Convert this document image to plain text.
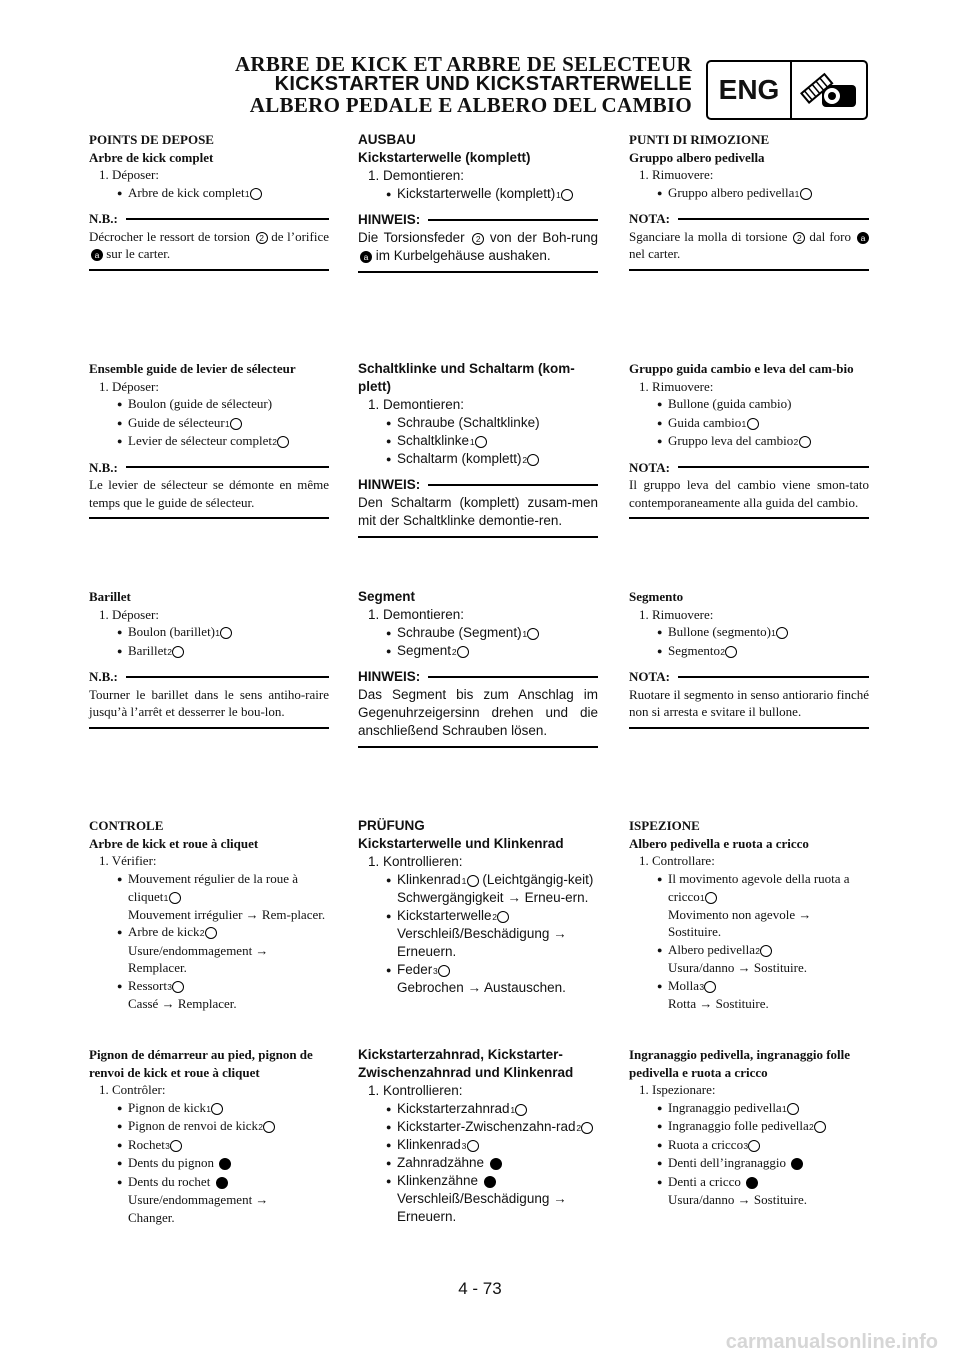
ARBRE DE KICK ET ARBRE DE SELECTEUR
KICKSTARTER UND KICKSTARTERWELLE
ALBERO PEDALE E ALBERO DEL CAMBIO ENG
POINTS DE DEPOSE
Arbre de kick complet
1. Déposer:
● Arbre de kick complet 1
N.B.:
Décrocher le ressort de torsion 2 de l’orifice a sur le carter.
Ensemble guide de levier de sélecteur
1. Déposer:
● Boulon (guide de sélecteur)
● Guide de sélecteur 1
● Levier de sélecteur complet 2
N.B.:
Le levier de sélecteur se démonte en même temps que le guide de sélecteur.
Barillet
1. Déposer:
● Boulon (barillet) 1
● Barillet 2
N.B.:
Tourner le barillet dans le sens antiho-raire jusqu’à l’arrêt et desserrer le bou-lon.
CONTROLE
Arbre de kick et roue à cliquet
1. Vérifier:
● Mouvement régulier de la roue à cliquet 1
Mouvement irrégulier → Rem-placer.
● Arbre de kick 2
Usure/endommagement →
Remplacer.
● Ressort 3
Cassé → Remplacer.
Pignon de démarreur au pied, pignon de renvoi de kick et roue à cliquet
1. Contrôler:
● Pignon de kick 1
● Pignon de renvoi de kick 2
● Rochet 3
● Dents du pignon a
● Dents du rochet b
Usure/endommagement →
Changer.
AUSBAU
Kickstarterwelle (komplett)
1. Demontieren:
● Kickstarterwelle (komplett) 1
HINWEIS:
Die Torsionsfeder 2 von der Boh-rung a im Kurbelgehäuse aushaken.
Schaltklinke und Schaltarm (kom-plett)
1. Demontieren:
● Schraube (Schaltklinke)
● Schaltklinke 1
● Schaltarm (komplett) 2
HINWEIS:
Den Schaltarm (komplett) zusam-men mit der Schaltklinke demontie-ren.
Segment
1. Demontieren:
● Schraube (Segment) 1
● Segment 2
HINWEIS:
Das Segment bis zum Anschlag im Gegenuhrzeigersinn drehen und die anschließend Schrauben lösen.
PRÜFUNG
Kickstarterwelle und Klinkenrad
1. Kontrollieren:
● Klinkenrad 1 (Leichtgängig-keit)
Schwergängigkeit → Erneu-ern.
● Kickstarterwelle 2
Verschleiß/Beschädigung →
Erneuern.
● Feder 3
Gebrochen → Austauschen.
Kickstarterzahnrad, Kickstarter-Zwischenzahnrad und Klinkenrad
1. Kontrollieren:
● Kickstarterzahnrad 1
● Kickstarter-Zwischenzahn-rad 2
● Klinkenrad 3
● Zahnradzähne a
● Klinkenzähne b
Verschleiß/Beschädigung →
Erneuern.
PUNTI DI RIMOZIONE
Gruppo albero pedivella
1. Rimuovere:
● Gruppo albero pedivella 1
NOTA:
Sganciare la molla di torsione 2 dal foro a nel carter.
Gruppo guida cambio e leva del cam-bio
1. Rimuovere:
● Bullone (guida cambio)
● Guida cambio 1
● Gruppo leva del cambio 2
NOTA:
Il gruppo leva del cambio viene smon-tato contemporaneamente alla guida del cambio.
Segmento
1. Rimuovere:
● Bullone (segmento) 1
● Segmento 2
NOTA:
Ruotare il segmento in senso antiorario finché non si arresta e svitare il bullone.
ISPEZIONE
Albero pedivella e ruota a cricco
1. Controllare:
● Il movimento agevole della ruota a cricco 1
Movimento non agevole →
Sostituire.
● Albero pedivella 2
Usura/danno → Sostituire.
● Molla 3
Rotta → Sostituire.
Ingranaggio pedivella, ingranaggio folle pedivella e ruota a cricco
1. Ispezionare:
● Ingranaggio pedivella 1
● Ingranaggio folle pedivella 2
● Ruota a cricco 3
● Denti dell’ingranaggio a
● Denti a cricco b
Usura/danno → Sostituire.
4 - 73
carmanualsonline.info
